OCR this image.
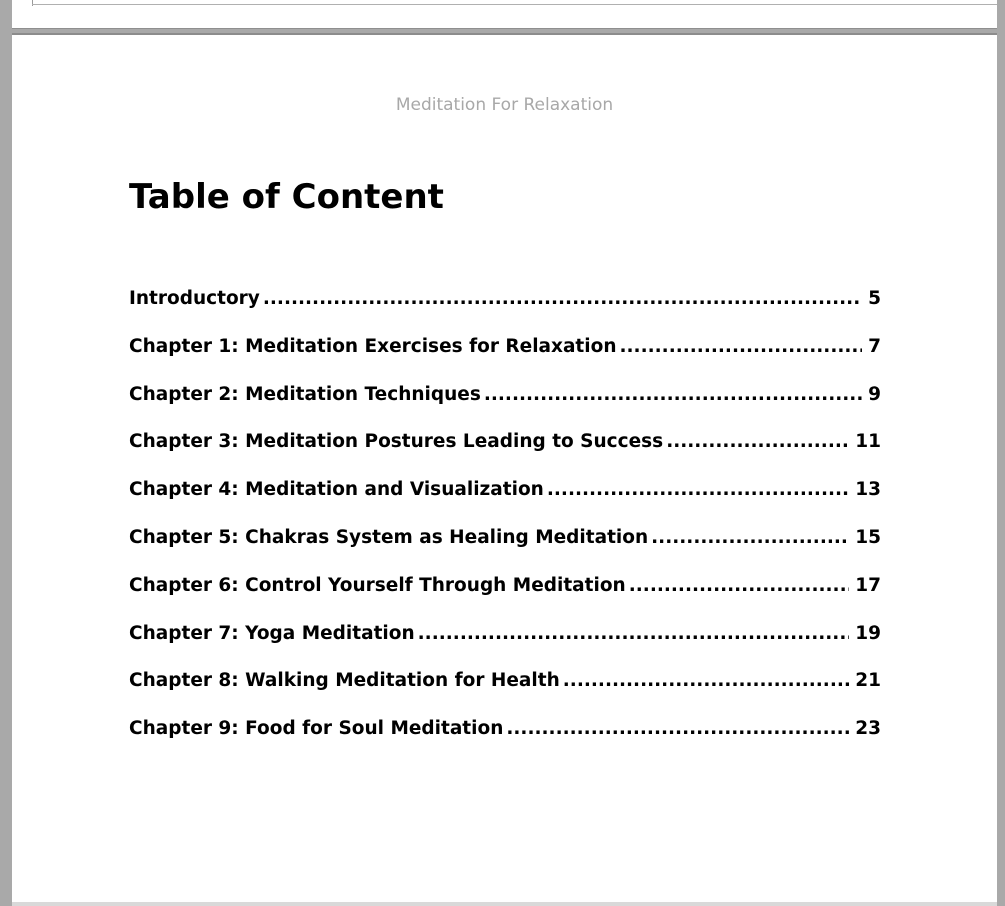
Meditation For Relaxation
Table of Content
Introductory .....	5
Chapter 1: Meditation Exercises for Relaxation .....	7
Chapter 2: Meditation Techniques .....	9
Chapter 3: Meditation Postures Leading to Success .....	11
Chapter 4: Meditation and Visualization .....	13
Chapter 5: Chakras System as Healing Meditation .....	15
Chapter 6: Control Yourself Through Meditation .....	17
Chapter 7: Yoga Meditation .....	19
Chapter 8: Walking Meditation for Health .....	21
Chapter 9: Food for Soul Meditation .....	23
